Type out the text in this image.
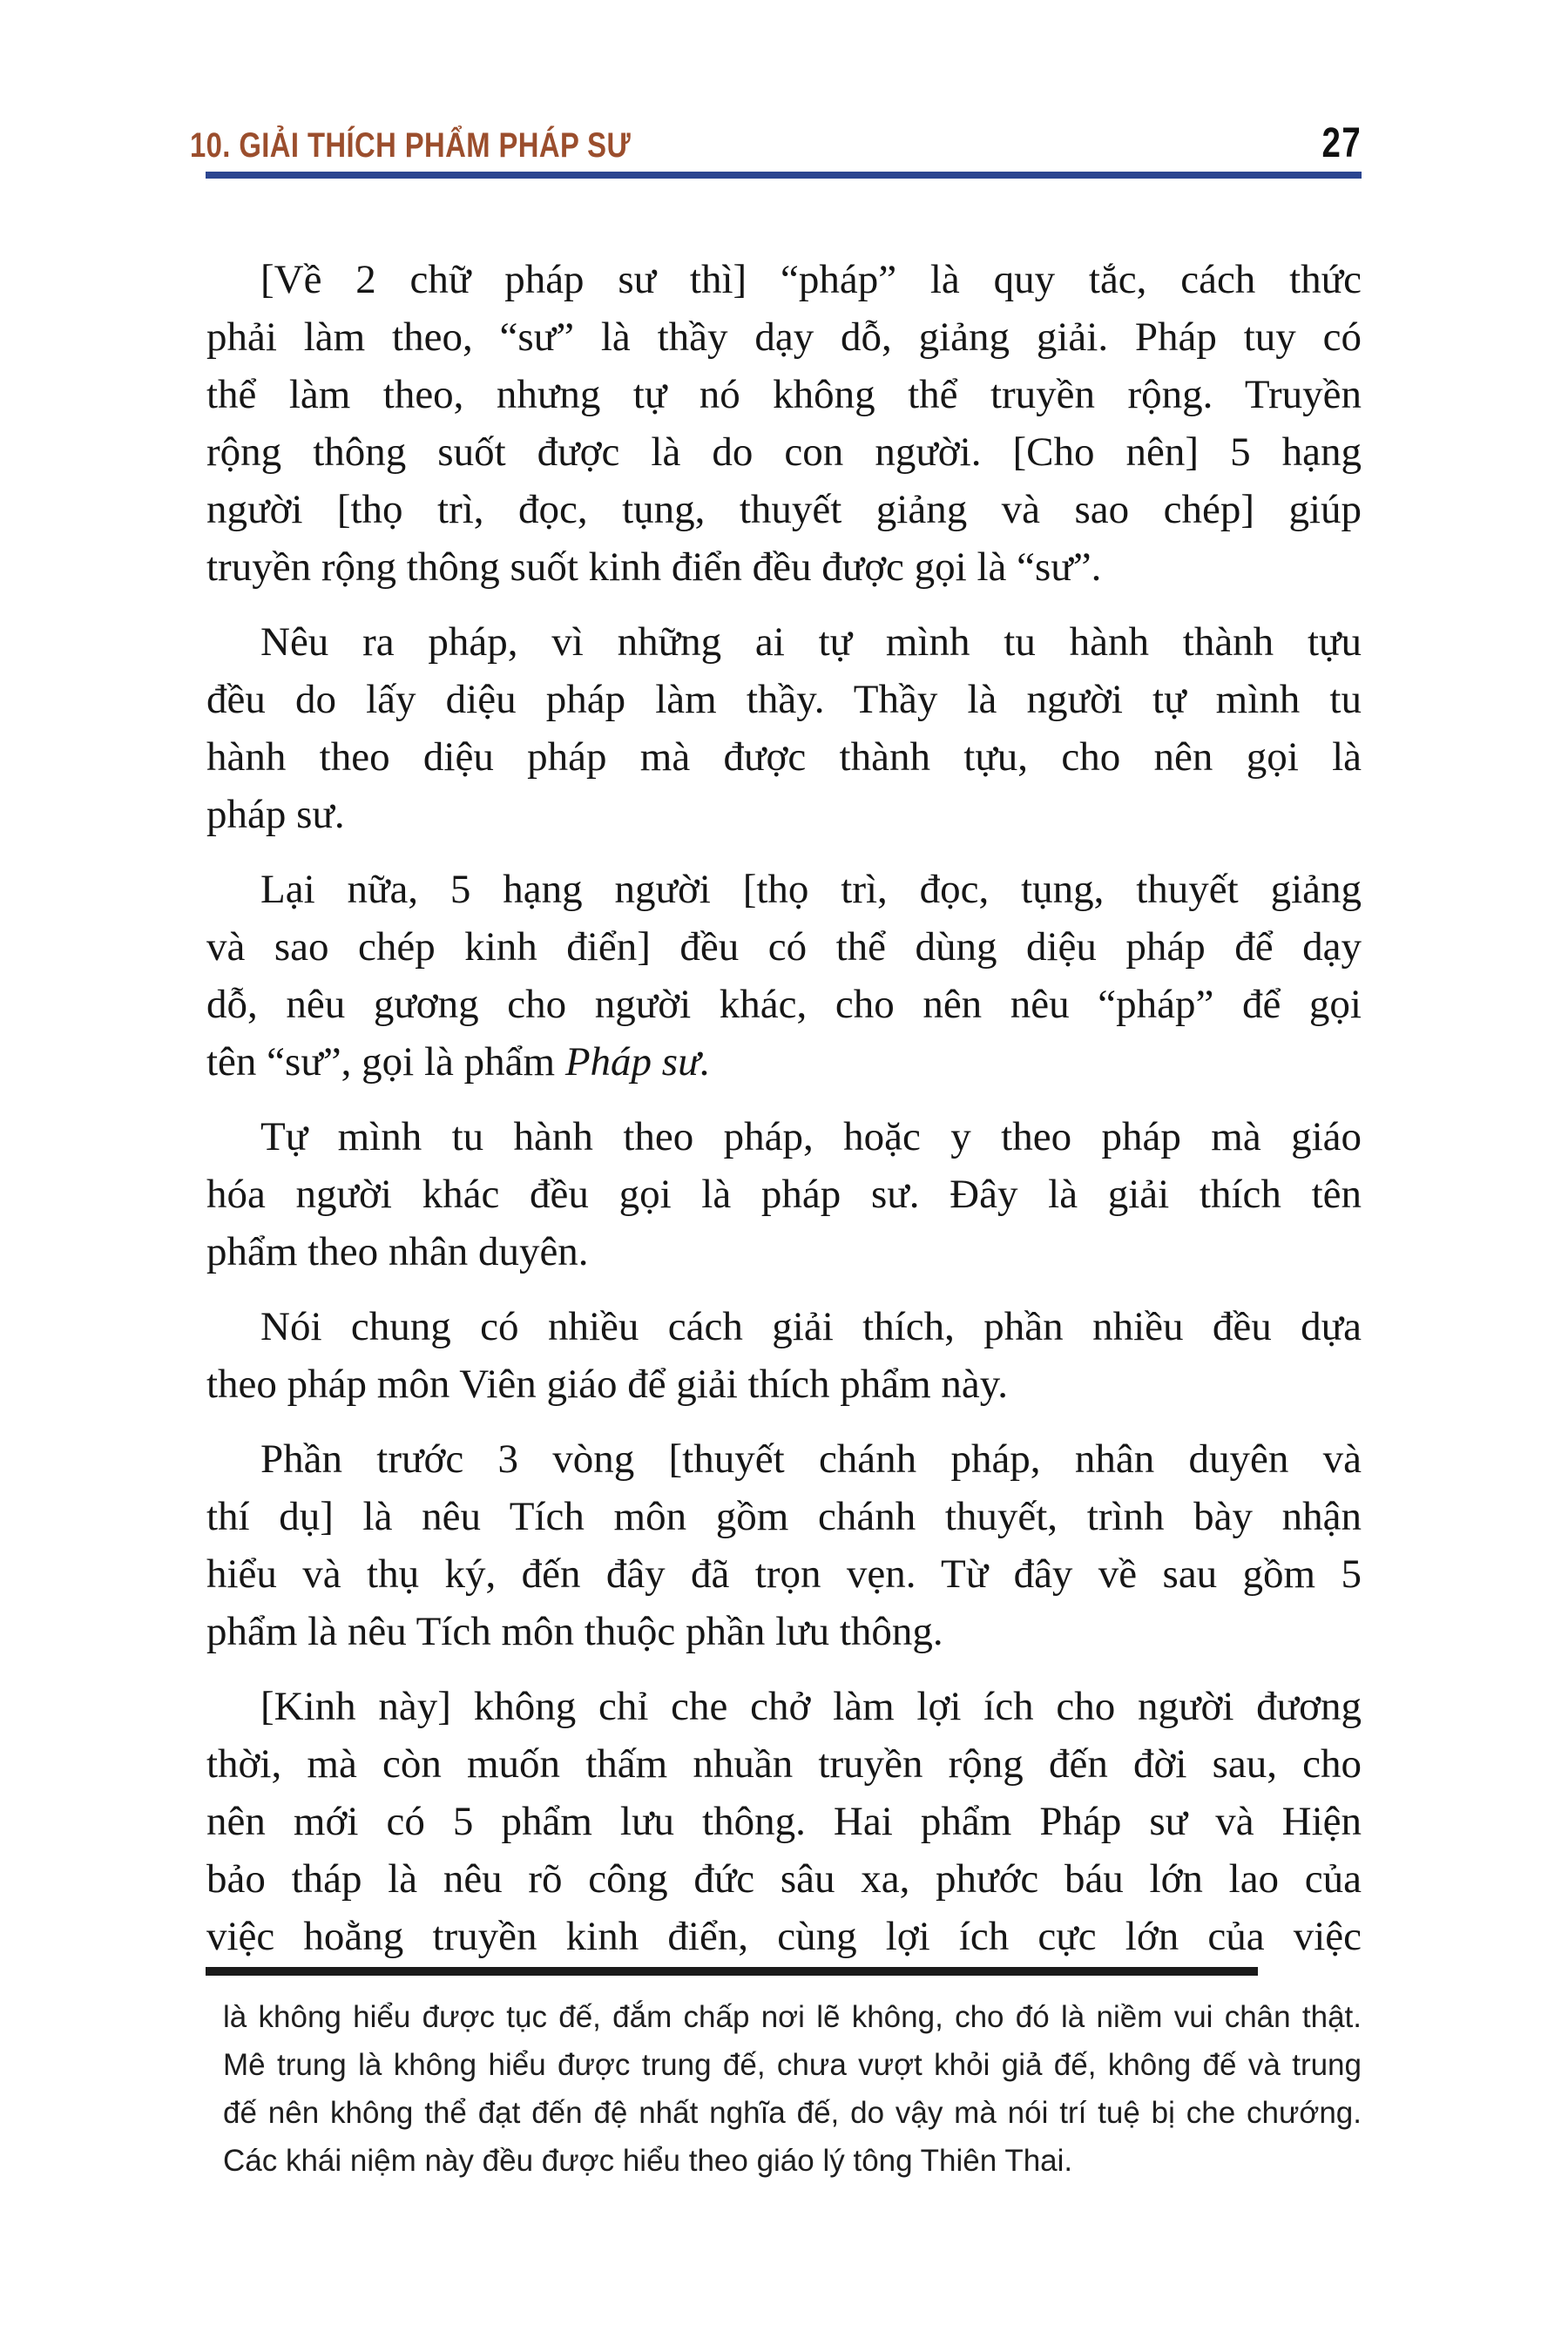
10. GIẢI THÍCH PHẨM PHÁP SƯ	27
[Về 2 chữ pháp sư thì] “pháp” là quy tắc, cách thức
phải làm theo, “sư” là thầy dạy dỗ, giảng giải. Pháp tuy có
thể làm theo, nhưng tự nó không thể truyền rộng. Truyền
rộng thông suốt được là do con người. [Cho nên] 5 hạng
người [thọ trì, đọc, tụng, thuyết giảng và sao chép] giúp
truyền rộng thông suốt kinh điển đều được gọi là “sư”.
Nêu ra pháp, vì những ai tự mình tu hành thành tựu
đều do lấy diệu pháp làm thầy. Thầy là người tự mình tu
hành theo diệu pháp mà được thành tựu, cho nên gọi là
pháp sư.
Lại nữa, 5 hạng người [thọ trì, đọc, tụng, thuyết giảng
và sao chép kinh điển] đều có thể dùng diệu pháp để dạy
dỗ, nêu gương cho người khác, cho nên nêu “pháp” để gọi
tên “sư”, gọi là phẩm Pháp sư.
Tự mình tu hành theo pháp, hoặc y theo pháp mà giáo
hóa người khác đều gọi là pháp sư. Đây là giải thích tên
phẩm theo nhân duyên.
Nói chung có nhiều cách giải thích, phần nhiều đều dựa
theo pháp môn Viên giáo để giải thích phẩm này.
Phần trước 3 vòng [thuyết chánh pháp, nhân duyên và
thí dụ] là nêu Tích môn gồm chánh thuyết, trình bày nhận
hiểu và thụ ký, đến đây đã trọn vẹn. Từ đây về sau gồm 5
phẩm là nêu Tích môn thuộc phần lưu thông.
[Kinh này] không chỉ che chở làm lợi ích cho người đương
thời, mà còn muốn thấm nhuần truyền rộng đến đời sau, cho
nên mới có 5 phẩm lưu thông. Hai phẩm Pháp sư và Hiện
bảo tháp là nêu rõ công đức sâu xa, phước báu lớn lao của
việc hoằng truyền kinh điển, cùng lợi ích cực lớn của việc
là không hiểu được tục đế, đắm chấp nơi lẽ không, cho đó là niềm vui chân thật.
Mê trung là không hiểu được trung đế, chưa vượt khỏi giả đế, không đế và trung
đế nên không thể đạt đến đệ nhất nghĩa đế, do vậy mà nói trí tuệ bị che chướng.
Các khái niệm này đều được hiểu theo giáo lý tông Thiên Thai.
